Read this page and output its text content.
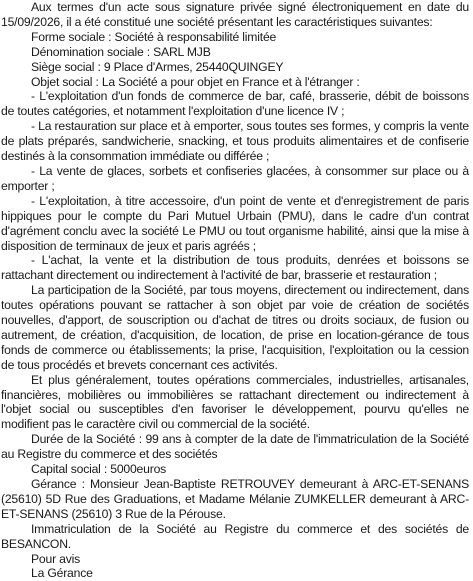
Aux termes d'un acte sous signature privée signé électroniquement en date du 15/09/2026, il a été constitué une société présentant les caractéristiques suivantes:

Forme sociale : Société à responsabilité limitée

Dénomination sociale : SARL MJB

Siège social : 9 Place d'Armes, 25440QUINGEY

Objet social : La Société a pour objet en France et à l'étranger :

- L'exploitation d'un fonds de commerce de bar, café, brasserie, débit de boissons de toutes catégories, et notamment l'exploitation d'une licence IV ;

- La restauration sur place et à emporter, sous toutes ses formes, y compris la vente de plats préparés, sandwicherie, snacking, et tous produits alimentaires et de confiserie destinés à la consommation immédiate ou différée ;

- La vente de glaces, sorbets et confiseries glacées, à consommer sur place ou à emporter ;

- L'exploitation, à titre accessoire, d'un point de vente et d'enregistrement de paris hippiques pour le compte du Pari Mutuel Urbain (PMU), dans le cadre d'un contrat d'agrément conclu avec la société Le PMU ou tout organisme habilité, ainsi que la mise à disposition de terminaux de jeux et paris agréés ;

- L'achat, la vente et la distribution de tous produits, denrées et boissons se rattachant directement ou indirectement à l'activité de bar, brasserie et restauration ;

La participation de la Société, par tous moyens, directement ou indirectement, dans toutes opérations pouvant se rattacher à son objet par voie de création de sociétés nouvelles, d'apport, de souscription ou d'achat de titres ou droits sociaux, de fusion ou autrement, de création, d'acquisition, de location, de prise en location-gérance de tous fonds de commerce ou établissements; la prise, l'acquisition, l'exploitation ou la cession de tous procédés et brevets concernant ces activités.

Et plus généralement, toutes opérations commerciales, industrielles, artisanales, financières, mobilières ou immobilières se rattachant directement ou indirectement à l'objet social ou susceptibles d'en favoriser le développement, pourvu qu'elles ne modifient pas le caractère civil ou commercial de la société.

Durée de la Société : 99 ans à compter de la date de l'immatriculation de la Société au Registre du commerce et des sociétés

Capital social : 5000euros

Gérance : Monsieur Jean-Baptiste RETROUVEY demeurant à ARC-ET-SENANS (25610) 5D Rue des Graduations, et Madame Mélanie ZUMKELLER demeurant à ARC-ET-SENANS (25610) 3 Rue de la Pérouse.

Immatriculation de la Société au Registre du commerce et des sociétés de BESANCON.

Pour avis

La Gérance
